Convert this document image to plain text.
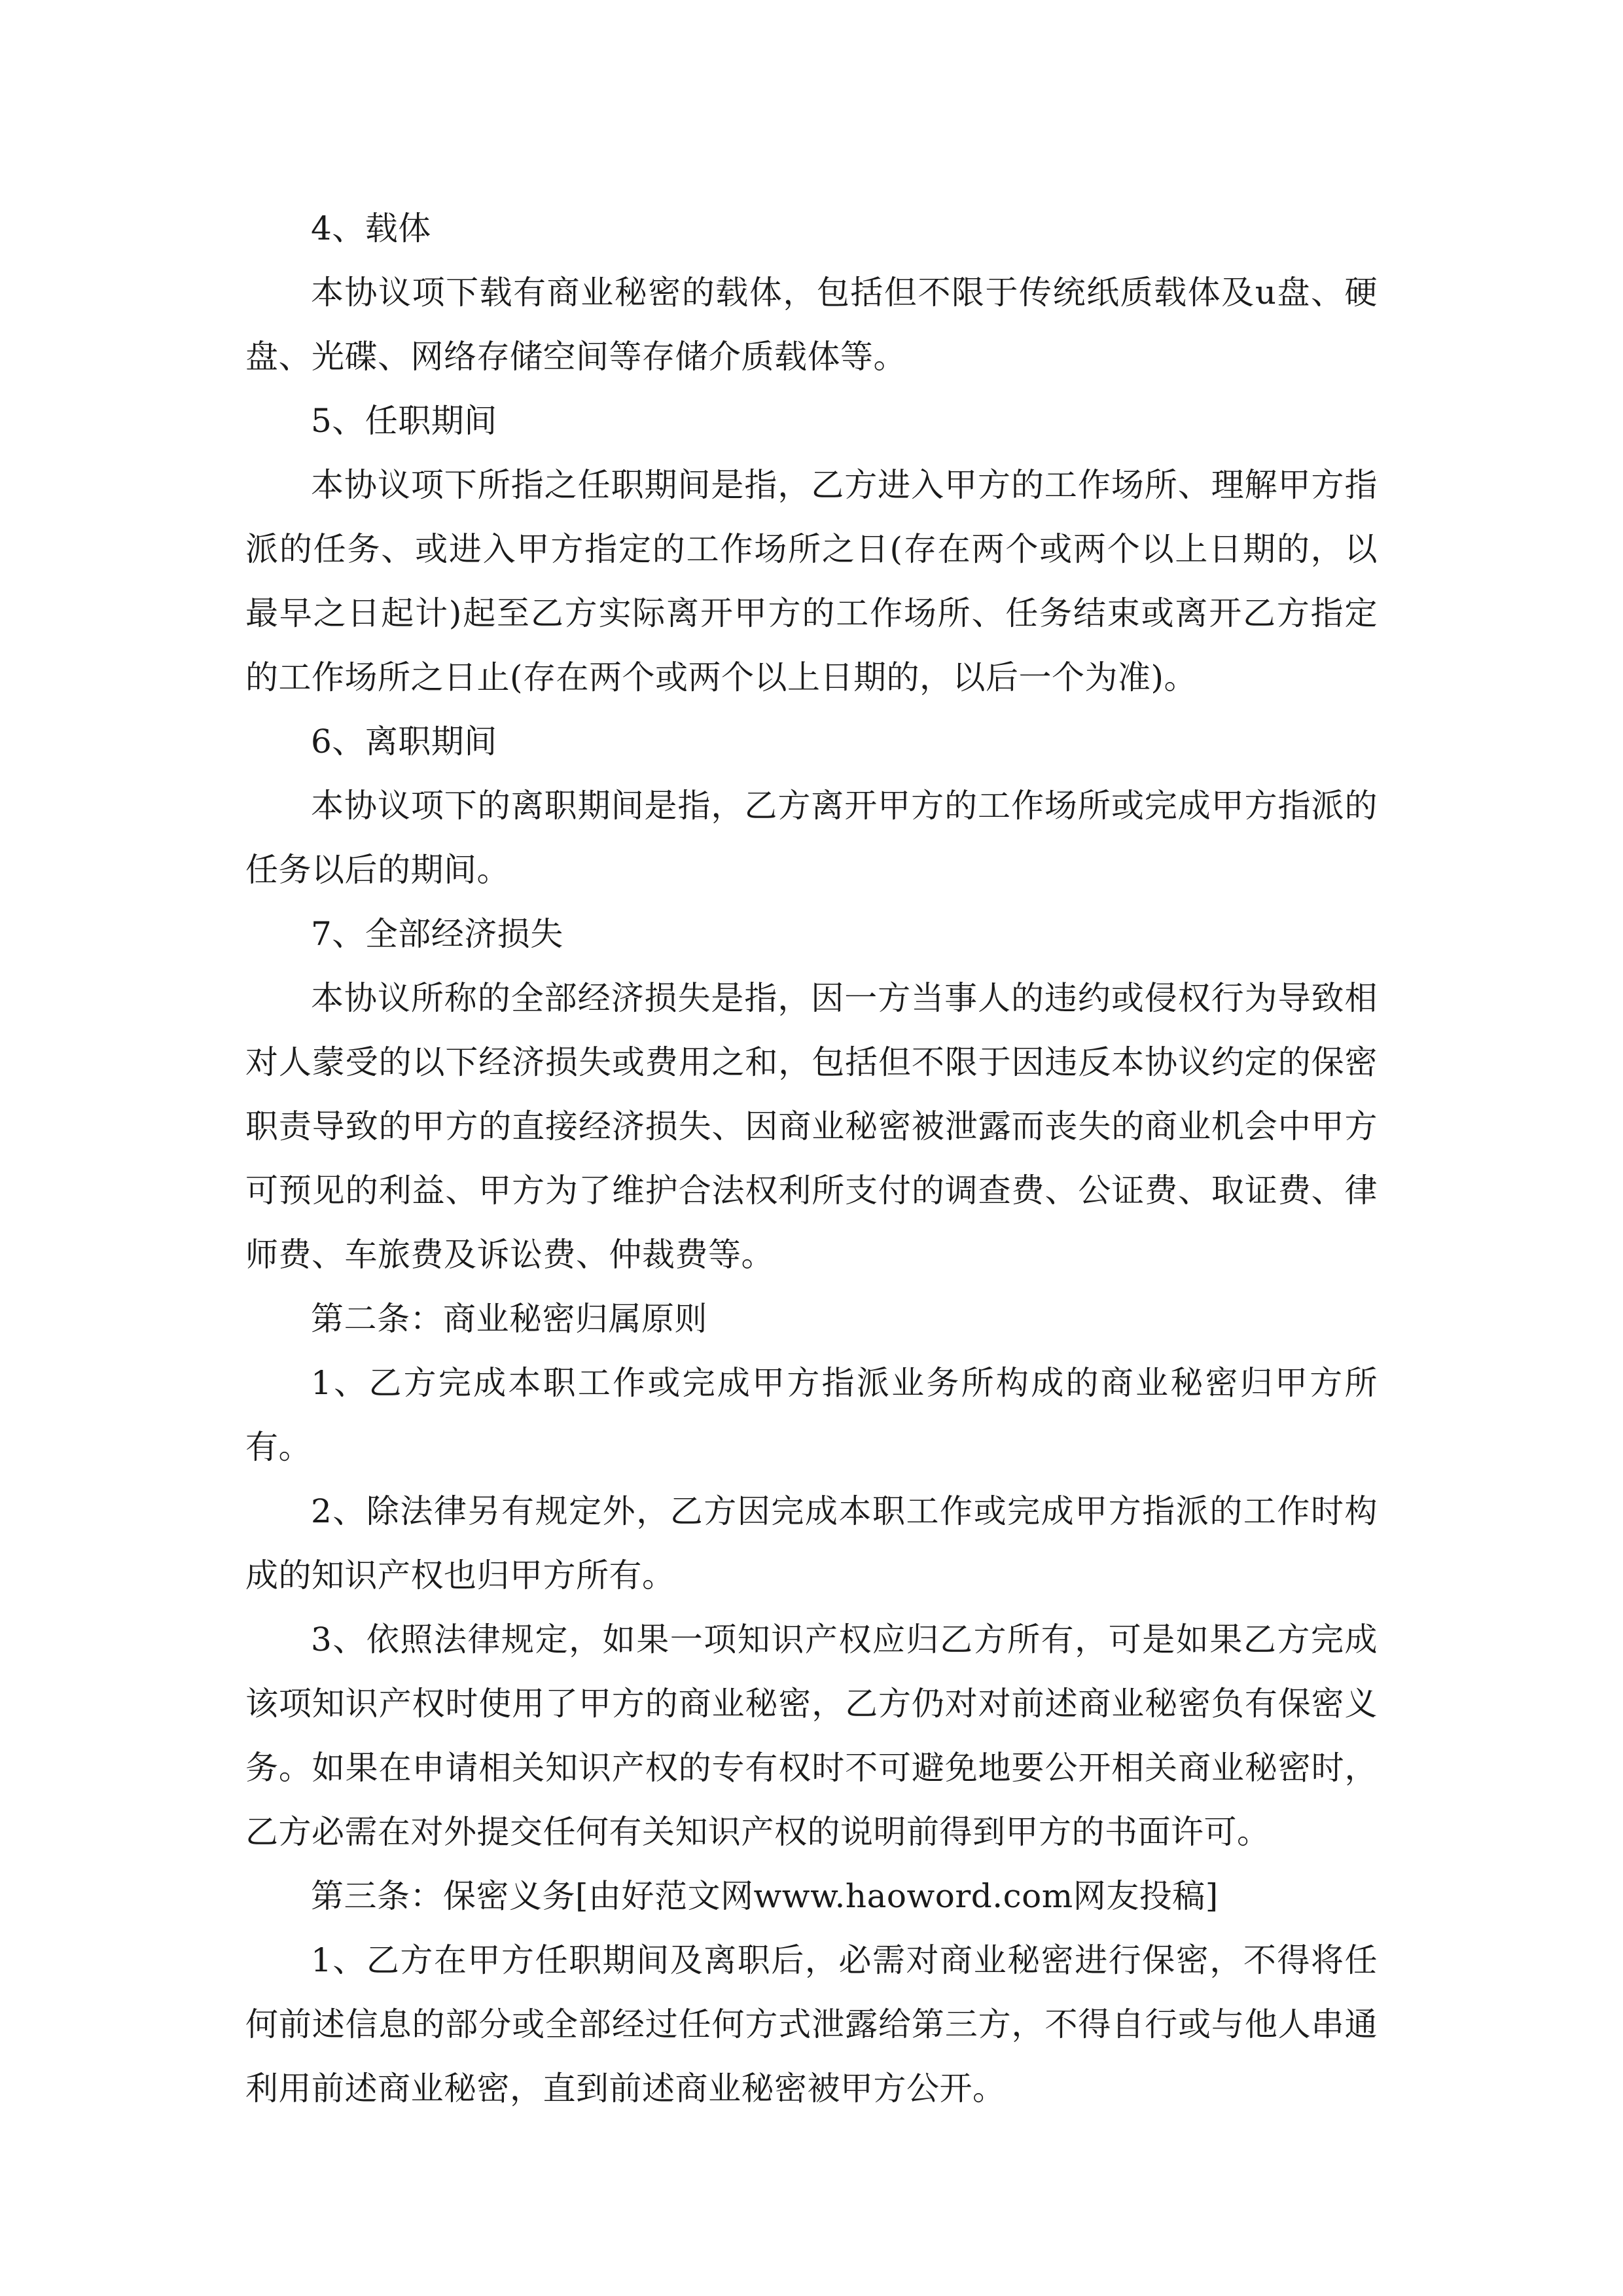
4、载体

本协议项下载有商业秘密的载体，包括但不限于传统纸质载体及u盘、硬盘、光碟、网络存储空间等存储介质载体等。

5、任职期间

本协议项下所指之任职期间是指，乙方进入甲方的工作场所、理解甲方指派的任务、或进入甲方指定的工作场所之日(存在两个或两个以上日期的，以最早之日起计)起至乙方实际离开甲方的工作场所、任务结束或离开乙方指定的工作场所之日止(存在两个或两个以上日期的，以后一个为准)。

6、离职期间

本协议项下的离职期间是指，乙方离开甲方的工作场所或完成甲方指派的任务以后的期间。

7、全部经济损失

本协议所称的全部经济损失是指，因一方当事人的违约或侵权行为导致相对人蒙受的以下经济损失或费用之和，包括但不限于因违反本协议约定的保密职责导致的甲方的直接经济损失、因商业秘密被泄露而丧失的商业机会中甲方可预见的利益、甲方为了维护合法权利所支付的调查费、公证费、取证费、律师费、车旅费及诉讼费、仲裁费等。

第二条：商业秘密归属原则

1、乙方完成本职工作或完成甲方指派业务所构成的商业秘密归甲方所有。

2、除法律另有规定外，乙方因完成本职工作或完成甲方指派的工作时构成的知识产权也归甲方所有。

3、依照法律规定，如果一项知识产权应归乙方所有，可是如果乙方完成该项知识产权时使用了甲方的商业秘密，乙方仍对对前述商业秘密负有保密义务。如果在申请相关知识产权的专有权时不可避免地要公开相关商业秘密时，乙方必需在对外提交任何有关知识产权的说明前得到甲方的书面许可。

第三条：保密义务[由好范文网www.haoword.com网友投稿]

1、乙方在甲方任职期间及离职后，必需对商业秘密进行保密，不得将任何前述信息的部分或全部经过任何方式泄露给第三方，不得自行或与他人串通利用前述商业秘密，直到前述商业秘密被甲方公开。
